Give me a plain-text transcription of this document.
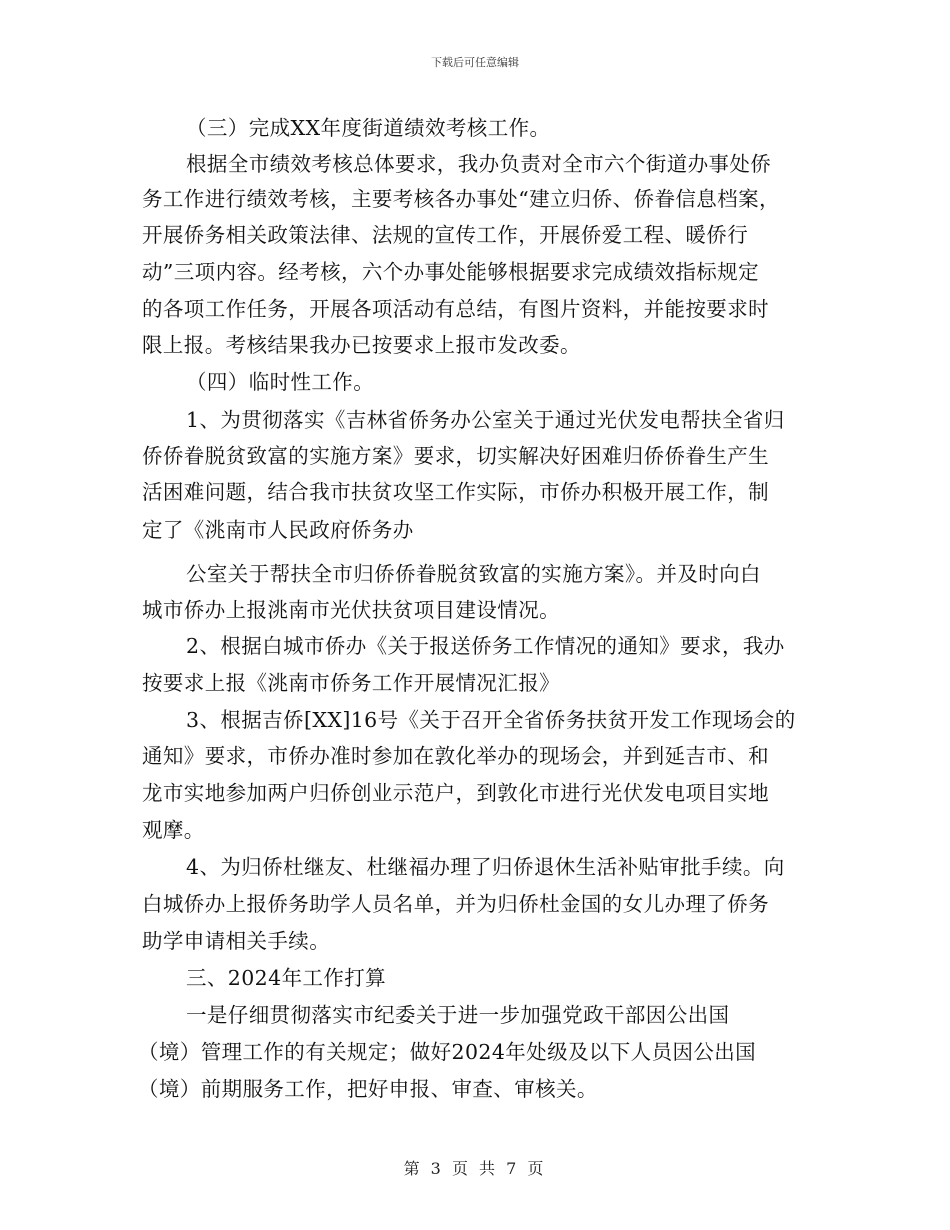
下载后可任意编辑
（三）完成XX年度街道绩效考核工作。
根据全市绩效考核总体要求，我办负责对全市六个街道办事处侨
务工作进行绩效考核，主要考核各办事处“建立归侨、侨眷信息档案，
开展侨务相关政策法律、法规的宣传工作，开展侨爱工程、暖侨行
动”三项内容。经考核，六个办事处能够根据要求完成绩效指标规定
的各项工作任务，开展各项活动有总结，有图片资料，并能按要求时
限上报。考核结果我办已按要求上报市发改委。
（四）临时性工作。
1、为贯彻落实《吉林省侨务办公室关于通过光伏发电帮扶全省归
侨侨眷脱贫致富的实施方案》要求，切实解决好困难归侨侨眷生产生
活困难问题，结合我市扶贫攻坚工作实际，市侨办积极开展工作，制
定了《洮南市人民政府侨务办
公室关于帮扶全市归侨侨眷脱贫致富的实施方案》。并及时向白
城市侨办上报洮南市光伏扶贫项目建设情况。
2、根据白城市侨办《关于报送侨务工作情况的通知》要求，我办
按要求上报《洮南市侨务工作开展情况汇报》
3、根据吉侨[XX]16号《关于召开全省侨务扶贫开发工作现场会的
通知》要求，市侨办准时参加在敦化举办的现场会，并到延吉市、和
龙市实地参加两户归侨创业示范户，到敦化市进行光伏发电项目实地
观摩。
4、为归侨杜继友、杜继福办理了归侨退休生活补贴审批手续。向
白城侨办上报侨务助学人员名单，并为归侨杜金国的女儿办理了侨务
助学申请相关手续。
三、2024年工作打算
一是仔细贯彻落实市纪委关于进一步加强党政干部因公出国
（境）管理工作的有关规定；做好2024年处级及以下人员因公出国
（境）前期服务工作，把好申报、审查、审核关。
第 3 页 共 7 页
